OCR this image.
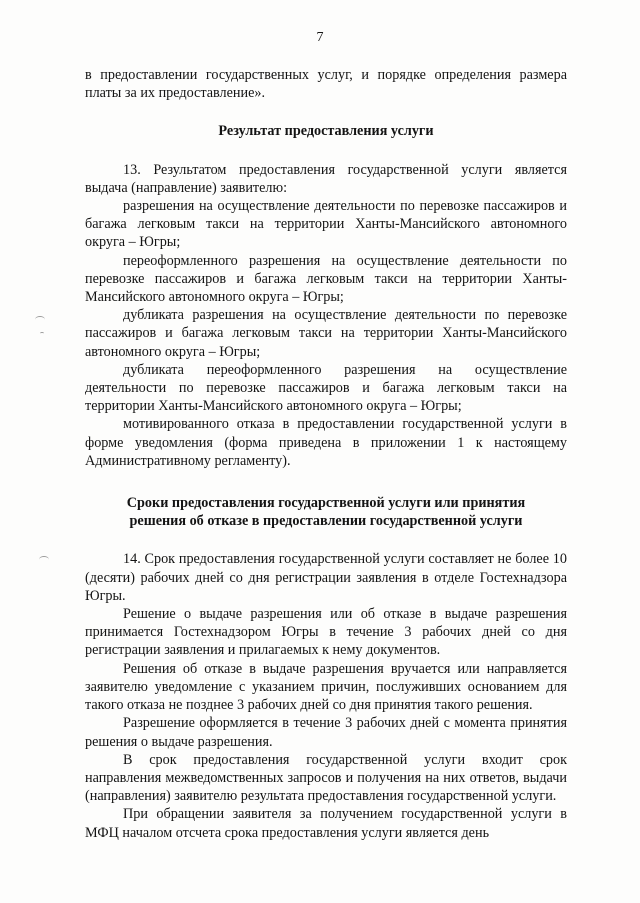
7

в предоставлении государственных услуг, и порядке определения размера платы за их предоставление».

Результат предоставления услуги

13. Результатом предоставления государственной услуги является выдача (направление) заявителю:

разрешения на осуществление деятельности по перевозке пассажиров и багажа легковым такси на территории Ханты-Мансийского автономного округа – Югры;

переоформленного разрешения на осуществление деятельности по перевозке пассажиров и багажа легковым такси на территории Ханты-Мансийского автономного округа – Югры;

дубликата разрешения на осуществление деятельности по перевозке пассажиров и багажа легковым такси на территории Ханты-Мансийского автономного округа – Югры;

дубликата переоформленного разрешения на осуществление деятельности по перевозке пассажиров и багажа легковым такси на территории Ханты-Мансийского автономного округа – Югры;

мотивированного отказа в предоставлении государственной услуги в форме уведомления (форма приведена в приложении 1 к настоящему Административному регламенту).

Сроки предоставления государственной услуги или принятия
решения об отказе в предоставлении государственной услуги

14. Срок предоставления государственной услуги составляет не более 10 (десяти) рабочих дней со дня регистрации заявления в отделе Гостехнадзора Югры.

Решение о выдаче разрешения или об отказе в выдаче разрешения принимается Гостехнадзором Югры в течение 3 рабочих дней со дня регистрации заявления и прилагаемых к нему документов.

Решения об отказе в выдаче разрешения вручается или направляется заявителю уведомление с указанием причин, послуживших основанием для такого отказа не позднее 3 рабочих дней со дня принятия такого решения.

Разрешение оформляется в течение 3 рабочих дней с момента принятия решения о выдаче разрешения.

В срок предоставления государственной услуги входит срок направления межведомственных запросов и получения на них ответов, выдачи (направления) заявителю результата предоставления государственной услуги.

При обращении заявителя за получением государственной услуги в МФЦ началом отсчета срока предоставления услуги является день
